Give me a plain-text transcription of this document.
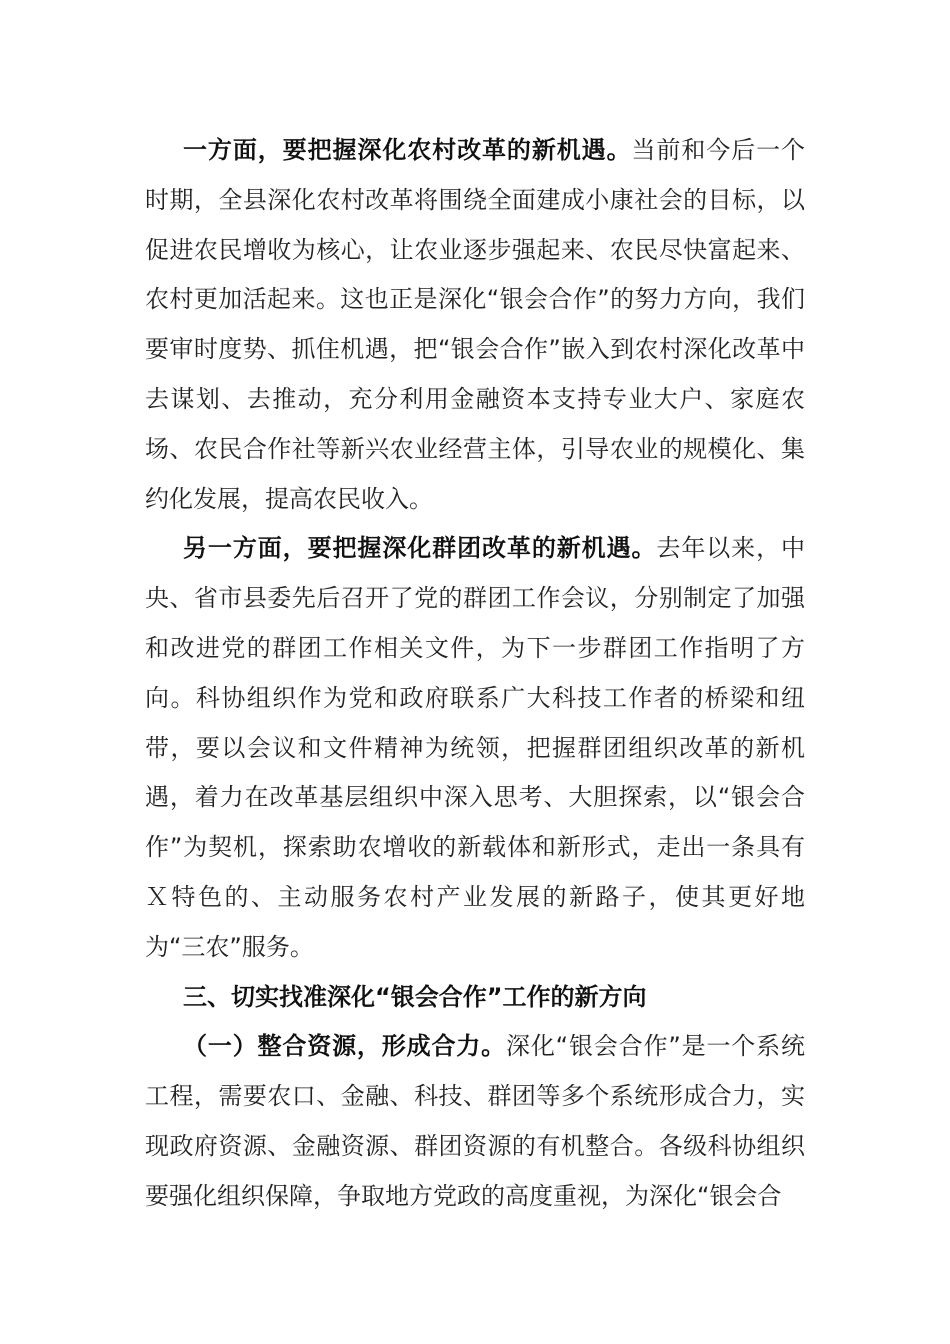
一方面，要把握深化农村改革的新机遇。当前和今后一个时期，全县深化农村改革将围绕全面建成小康社会的目标，以促进农民增收为核心，让农业逐步强起来、农民尽快富起来、农村更加活起来。这也正是深化“银会合作”的努力方向，我们要审时度势、抓住机遇，把“银会合作”嵌入到农村深化改革中去谋划、去推动，充分利用金融资本支持专业大户、家庭农场、农民合作社等新兴农业经营主体，引导农业的规模化、集约化发展，提高农民收入。

另一方面，要把握深化群团改革的新机遇。去年以来，中央、省市县委先后召开了党的群团工作会议，分别制定了加强和改进党的群团工作相关文件，为下一步群团工作指明了方向。科协组织作为党和政府联系广大科技工作者的桥梁和纽带，要以会议和文件精神为统领，把握群团组织改革的新机遇，着力在改革基层组织中深入思考、大胆探索，以“银会合作”为契机，探索助农增收的新载体和新形式，走出一条具有Ｘ特色的、主动服务农村产业发展的新路子，使其更好地为“三农”服务。

三、切实找准深化“银会合作”工作的新方向

（一）整合资源，形成合力。深化“银会合作”是一个系统工程，需要农口、金融、科技、群团等多个系统形成合力，实现政府资源、金融资源、群团资源的有机整合。各级科协组织要强化组织保障，争取地方党政的高度重视，为深化“银会合
